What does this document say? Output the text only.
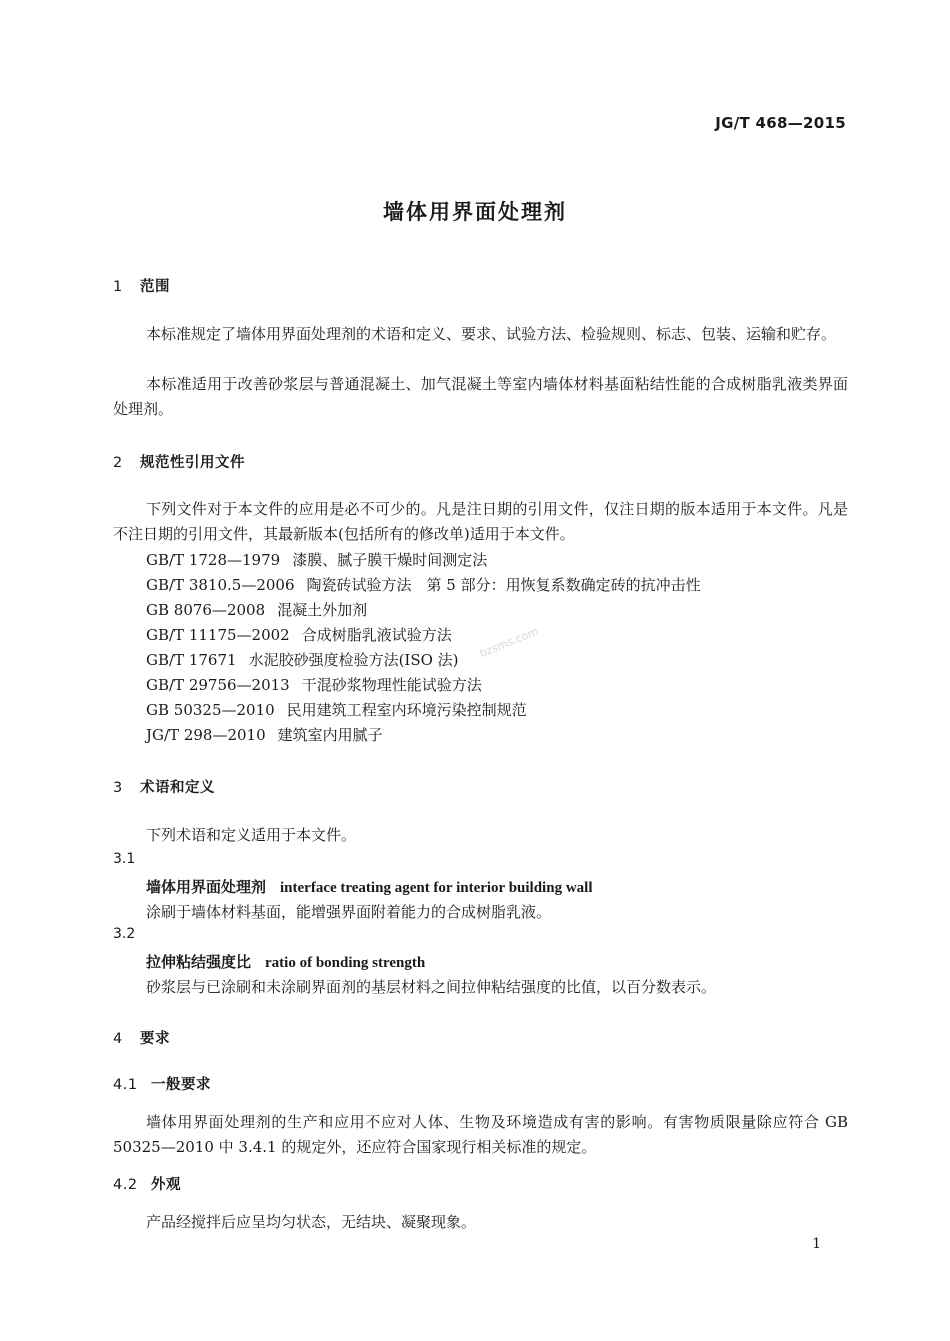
JG/T 468—2015
墙体用界面处理剂
1 范围
本标准规定了墙体用界面处理剂的术语和定义、要求、试验方法、检验规则、标志、包装、运输和贮存。
本标准适用于改善砂浆层与普通混凝土、加气混凝土等室内墙体材料基面粘结性能的合成树脂乳液类界面处理剂。
2 规范性引用文件
下列文件对于本文件的应用是必不可少的。凡是注日期的引用文件，仅注日期的版本适用于本文件。凡是不注日期的引用文件，其最新版本(包括所有的修改单)适用于本文件。
GB/T 1728—1979 漆膜、腻子膜干燥时间测定法
GB/T 3810.5—2006 陶瓷砖试验方法　第 5 部分：用恢复系数确定砖的抗冲击性
GB 8076—2008 混凝土外加剂
GB/T 11175—2002 合成树脂乳液试验方法
GB/T 17671 水泥胶砂强度检验方法(ISO 法)
GB/T 29756—2013 干混砂浆物理性能试验方法
GB 50325—2010 民用建筑工程室内环境污染控制规范
JG/T 298—2010 建筑室内用腻子
bzsms.com
3 术语和定义
下列术语和定义适用于本文件。
3.1
墙体用界面处理剂 interface treating agent for interior building wall
涂刷于墙体材料基面，能增强界面附着能力的合成树脂乳液。
3.2
拉伸粘结强度比 ratio of bonding strength
砂浆层与已涂刷和未涂刷界面剂的基层材料之间拉伸粘结强度的比值，以百分数表示。
4 要求
4.1 一般要求
墙体用界面处理剂的生产和应用不应对人体、生物及环境造成有害的影响。有害物质限量除应符合 GB 50325—2010 中 3.4.1 的规定外，还应符合国家现行相关标准的规定。
4.2 外观
产品经搅拌后应呈均匀状态，无结块、凝聚现象。
1
